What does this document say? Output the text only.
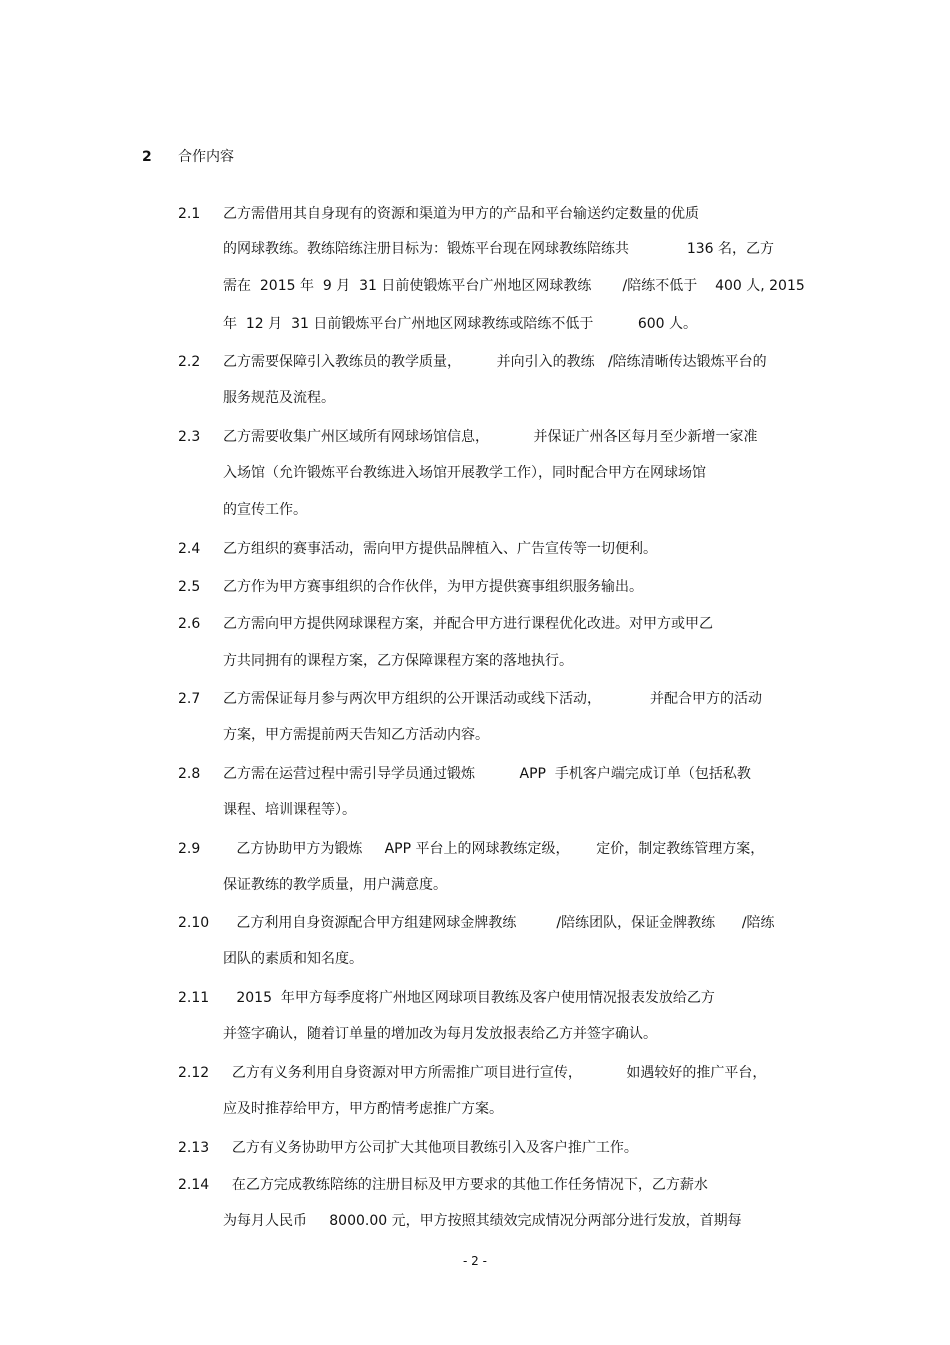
2 合作内容
2.1 乙方需借用其自身现有的资源和渠道为甲方的产品和平台输送约定数量的优质
的网球教练。教练陪练注册目标为：锻炼平台现在网球教练陪练共             136 名，乙方
需在  2015 年  9 月  31 日前使锻炼平台广州地区网球教练       /陪练不低于    400 人, 2015
年  12 月  31 日前锻炼平台广州地区网球教练或陪练不低于          600 人。
2.2 乙方需要保障引入教练员的教学质量，        并向引入的教练   /陪练清晰传达锻炼平台的
服务规范及流程。
2.3 乙方需要收集广州区域所有网球场馆信息，          并保证广州各区每月至少新增一家准
入场馆（允许锻炼平台教练进入场馆开展教学工作），同时配合甲方在网球场馆
的宣传工作。
2.4 乙方组织的赛事活动，需向甲方提供品牌植入、广告宣传等一切便利。
2.5 乙方作为甲方赛事组织的合作伙伴，为甲方提供赛事组织服务输出。
2.6 乙方需向甲方提供网球课程方案，并配合甲方进行课程优化改进。对甲方或甲乙
方共同拥有的课程方案，乙方保障课程方案的落地执行。
2.7 乙方需保证每月参与两次甲方组织的公开课活动或线下活动，           并配合甲方的活动
方案，甲方需提前两天告知乙方活动内容。
2.8 乙方需在运营过程中需引导学员通过锻炼          APP  手机客户端完成订单（包括私教
课程、培训课程等）。
2.9 乙方协助甲方为锻炼     APP 平台上的网球教练定级，      定价，制定教练管理方案，
保证教练的教学质量，用户满意度。
2.10 乙方利用自身资源配合甲方组建网球金牌教练         /陪练团队，保证金牌教练      /陪练
团队的素质和知名度。
2.11 2015  年甲方每季度将广州地区网球项目教练及客户使用情况报表发放给乙方
并签字确认，随着订单量的增加改为每月发放报表给乙方并签字确认。
2.12 乙方有义务利用自身资源对甲方所需推广项目进行宣传，          如遇较好的推广平台，
应及时推荐给甲方，甲方酌情考虑推广方案。
2.13 乙方有义务协助甲方公司扩大其他项目教练引入及客户推广工作。
2.14 在乙方完成教练陪练的注册目标及甲方要求的其他工作任务情况下，乙方薪水
为每月人民币     8000.00 元，甲方按照其绩效完成情况分两部分进行发放，首期每
- 2 -
